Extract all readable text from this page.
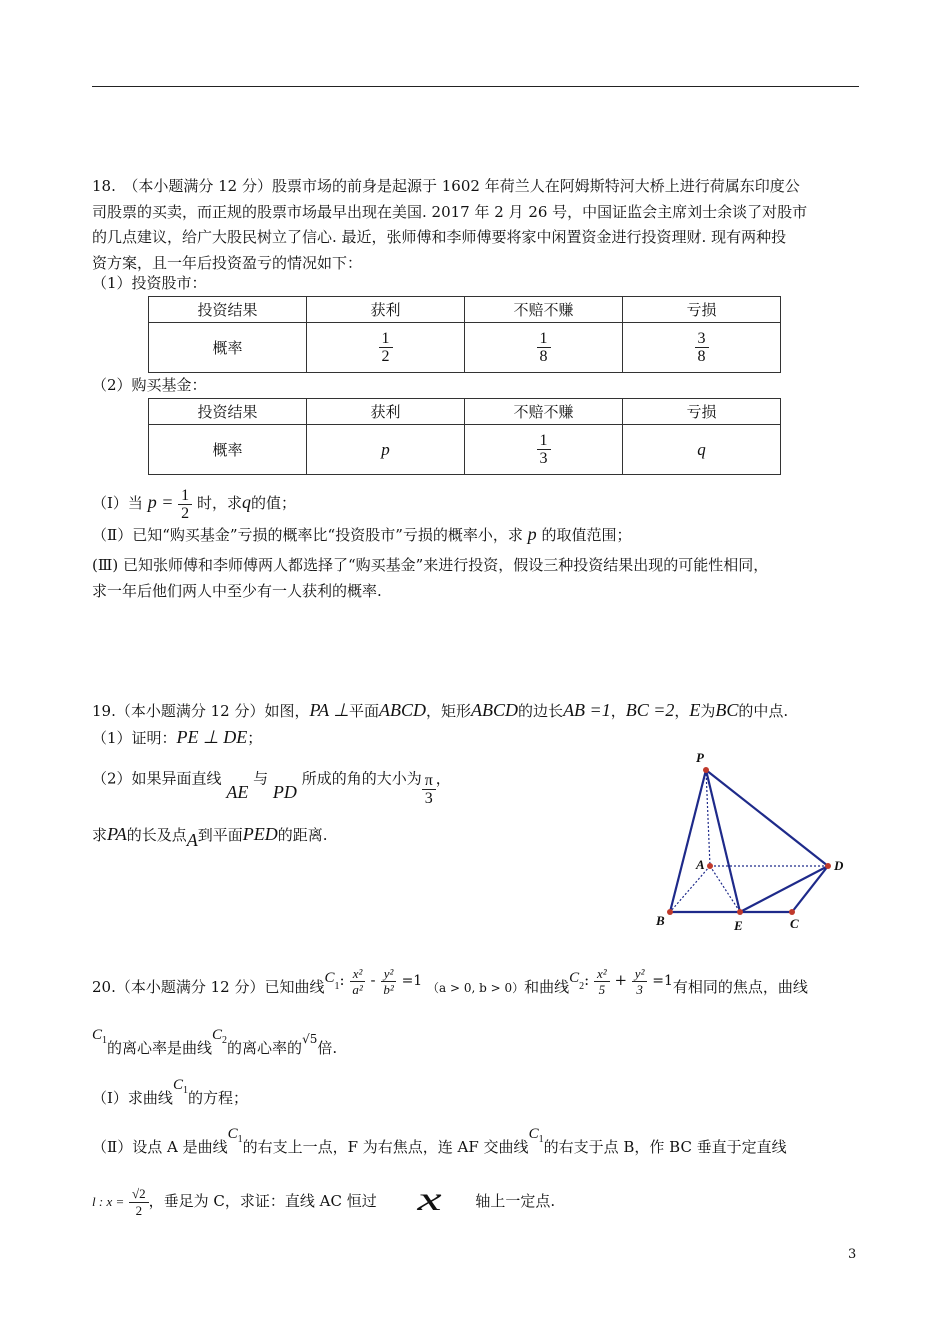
18.　（本小题满分 12 分）股票市场的前身是起源于 1602 年荷兰人在阿姆斯特河大桥上进行荷属东印度公
司股票的买卖，而正规的股票市场最早出现在美国. 2017 年 2 月 26 号，中国证监会主席刘士余谈了对股市
的几点建议，给广大股民树立了信心. 最近，张师傅和李师傅要将家中闲置资金进行投资理财. 现有两种投
资方案，且一年后投资盈亏的情况如下：
（1）投资股市：
投资结果	获利	不赔不赚	亏损
概率	$\frac{1}{2}$	$\frac{1}{8}$	$\frac{3}{8}$
（2）购买基金：
投资结果	获利	不赔不赚	亏损
概率	p	$\frac{1}{3}$	q
（Ⅰ）当 $p = \frac{1}{2}$ 时，求q的值；
（Ⅱ）已知“购买基金”亏损的概率比“投资股市”亏损的概率小，求 p 的取值范围；
(Ⅲ) 已知张师傅和李师傅两人都选择了“购买基金”来进行投资，假设三种投资结果出现的可能性相同，
求一年后他们两人中至少有一人获利的概率.
19.（本小题满分 12 分）如图，PA ⊥平面ABCD，矩形ABCD的边长AB =1，BC =2，E为BC的中点.
（1）证明：PE ⊥ DE；
（2）如果异面直线 AE 与 PD 所成的角的大小为 $\frac{\pi}{3}$ ，
求PA的长及点A到平面PED的距离.
P
A	D
B	E	C
20.（本小题满分 12 分）已知曲线$C_1$: $\frac{\text{x²}}{\text{a²}} - \frac{\text{y²}}{\text{b²}} =1$ $_{(a > 0, b > 0)}$和曲线$C_2$: $\frac{\text{x²}}{5} + \frac{\text{y²}}{3} =1$有相同的焦点，曲线
$C_1$的离心率是曲线$C_2$的离心率的$^{√5}$倍.
（Ⅰ）求曲线$C_1$的方程；
（Ⅱ）设点 A 是曲线$C_1$的右支上一点，F 为右焦点，连 AF 交曲线$C_1$的右支于点 B，作 BC 垂直于定直线
l : $x = \frac{√2}{2}$ ，垂足为 C，求证：直线 AC 恒过 x 轴上一定点.
3
